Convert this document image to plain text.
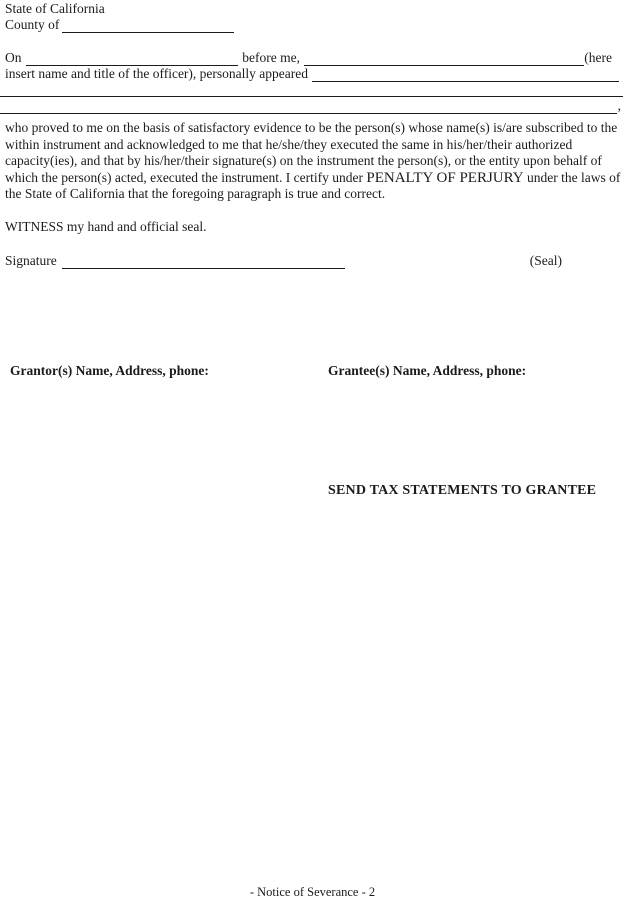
State of California
County of
On	before me,	(here
insert name and title of the officer), personally appeared
,
who proved to me on the basis of satisfactory evidence to be the person(s) whose name(s) is/are subscribed to the within instrument and acknowledged to me that he/she/they executed the same in his/her/their authorized capacity(ies), and that by his/her/their signature(s) on the instrument the person(s), or the entity upon behalf of which the person(s) acted, executed the instrument. I certify under PENALTY OF PERJURY under the laws of the State of California that the foregoing paragraph is true and correct.
WITNESS my hand and official seal.
Signature	(Seal)
Grantor(s) Name, Address, phone:	Grantee(s) Name, Address, phone:
SEND TAX STATEMENTS TO GRANTEE
- Notice of Severance - 2
